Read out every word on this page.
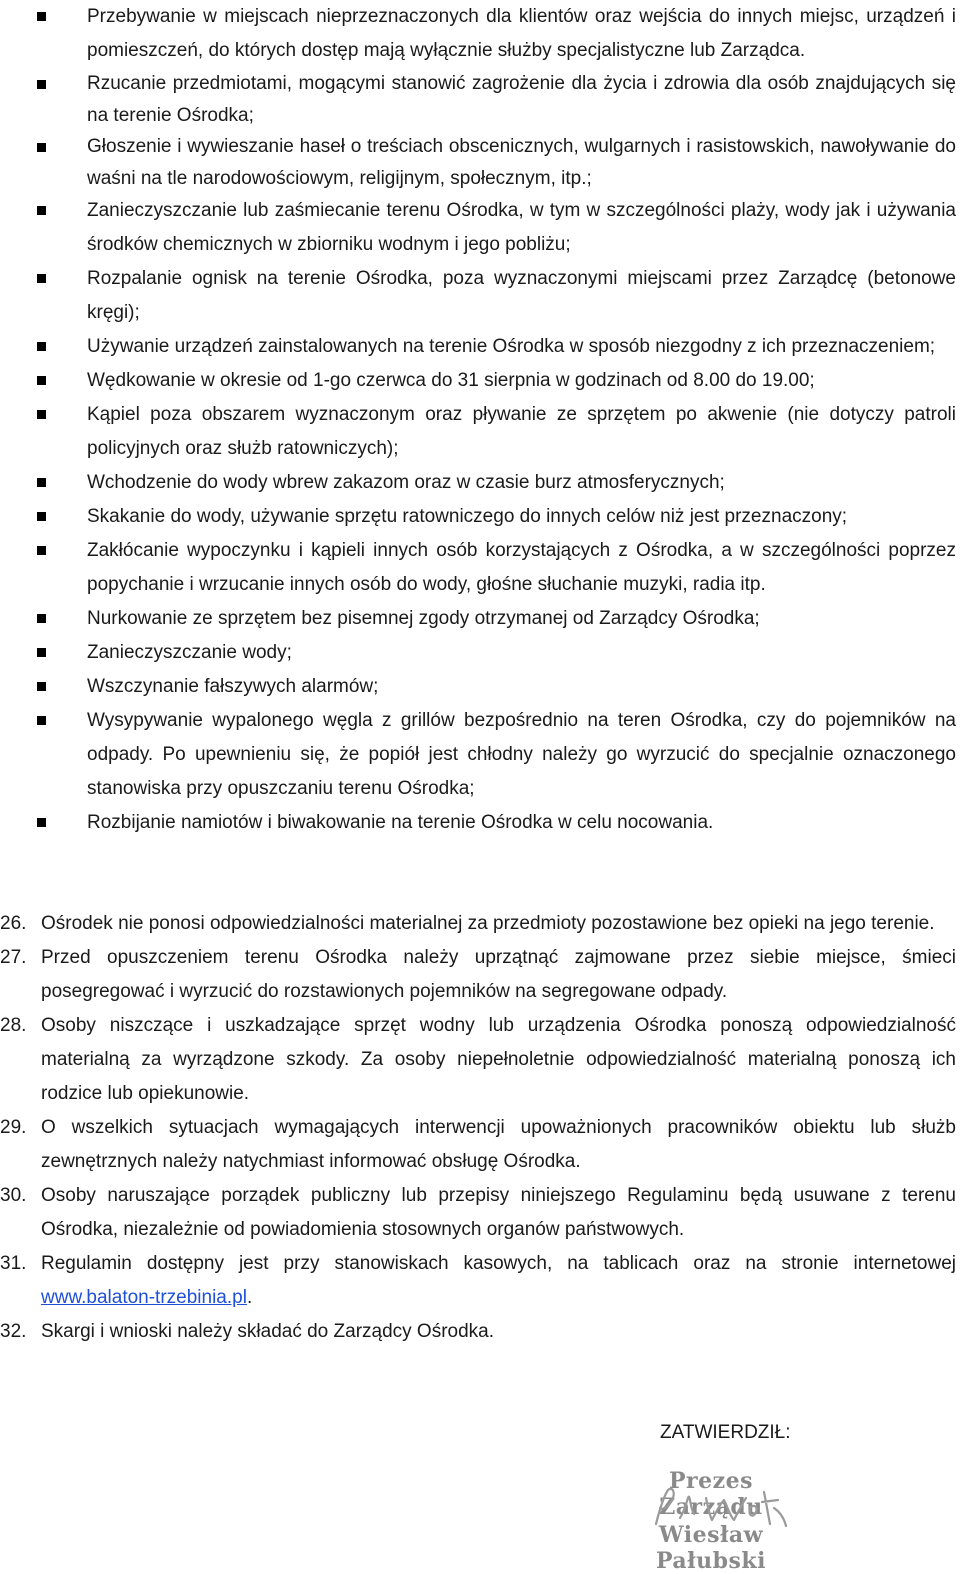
Przebywanie w miejscach nieprzeznaczonych dla klientów oraz wejścia do innych miejsc, urządzeń i pomieszczeń, do których dostęp mają wyłącznie służby specjalistyczne lub Zarządca.
Rzucanie przedmiotami, mogącymi stanowić zagrożenie dla życia i zdrowia dla osób znajdujących się na terenie Ośrodka;
Głoszenie i wywieszanie haseł o treściach obscenicznych, wulgarnych i rasistowskich, nawoływanie do waśni na tle narodowościowym, religijnym, społecznym, itp.;
Zanieczyszczanie lub zaśmiecanie terenu Ośrodka, w tym w szczególności plaży, wody jak i używania środków chemicznych w zbiorniku wodnym i jego pobliżu;
Rozpalanie ognisk na terenie Ośrodka, poza wyznaczonymi miejscami przez Zarządcę (betonowe kręgi);
Używanie urządzeń zainstalowanych na terenie Ośrodka w sposób niezgodny z ich przeznaczeniem;
Wędkowanie w okresie od 1-go czerwca do 31 sierpnia w godzinach od 8.00 do 19.00;
Kąpiel poza obszarem wyznaczonym oraz pływanie ze sprzętem po akwenie (nie dotyczy patroli policyjnych oraz służb ratowniczych);
Wchodzenie do wody wbrew zakazom oraz w czasie burz atmosferycznych;
Skakanie do wody, używanie sprzętu ratowniczego do innych celów niż jest przeznaczony;
Zakłócanie wypoczynku i kąpieli innych osób korzystających z Ośrodka, a w szczególności poprzez popychanie i wrzucanie innych osób do wody, głośne słuchanie muzyki, radia itp.
Nurkowanie ze sprzętem bez pisemnej zgody otrzymanej od Zarządcy Ośrodka;
Zanieczyszczanie wody;
Wszczynanie fałszywych alarmów;
Wysypywanie wypalonego węgla z grillów bezpośrednio na teren Ośrodka, czy do pojemników na odpady. Po upewnieniu się, że popiół jest chłodny należy go wyrzucić do specjalnie oznaczonego stanowiska przy opuszczaniu terenu Ośrodka;
Rozbijanie namiotów i biwakowanie na terenie Ośrodka w celu nocowania.
26. Ośrodek nie ponosi odpowiedzialności materialnej za przedmioty pozostawione bez opieki na jego terenie.
27. Przed opuszczeniem terenu Ośrodka należy uprzątnąć zajmowane przez siebie miejsce, śmieci posegregować i wyrzucić do rozstawionych pojemników na segregowane odpady.
28. Osoby niszczące i uszkadzające sprzęt wodny lub urządzenia Ośrodka ponoszą odpowiedzialność materialną za wyrządzone szkody. Za osoby niepełnoletnie odpowiedzialność materialną ponoszą ich rodzice lub opiekunowie.
29. O wszelkich sytuacjach wymagających interwencji upoważnionych pracowników obiektu lub służb zewnętrznych należy natychmiast informować obsługę Ośrodka.
30. Osoby naruszające porządek publiczny lub przepisy niniejszego Regulaminu będą usuwane z terenu Ośrodka, niezależnie od powiadomienia stosownych organów państwowych.
31. Regulamin dostępny jest przy stanowiskach kasowych, na tablicach oraz na stronie internetowej www.balaton-trzebinia.pl.
32. Skargi i wnioski należy składać do Zarządcy Ośrodka.
ZATWIERDZIŁ:
Prezes Zarządu
Wiesław Pałubski
